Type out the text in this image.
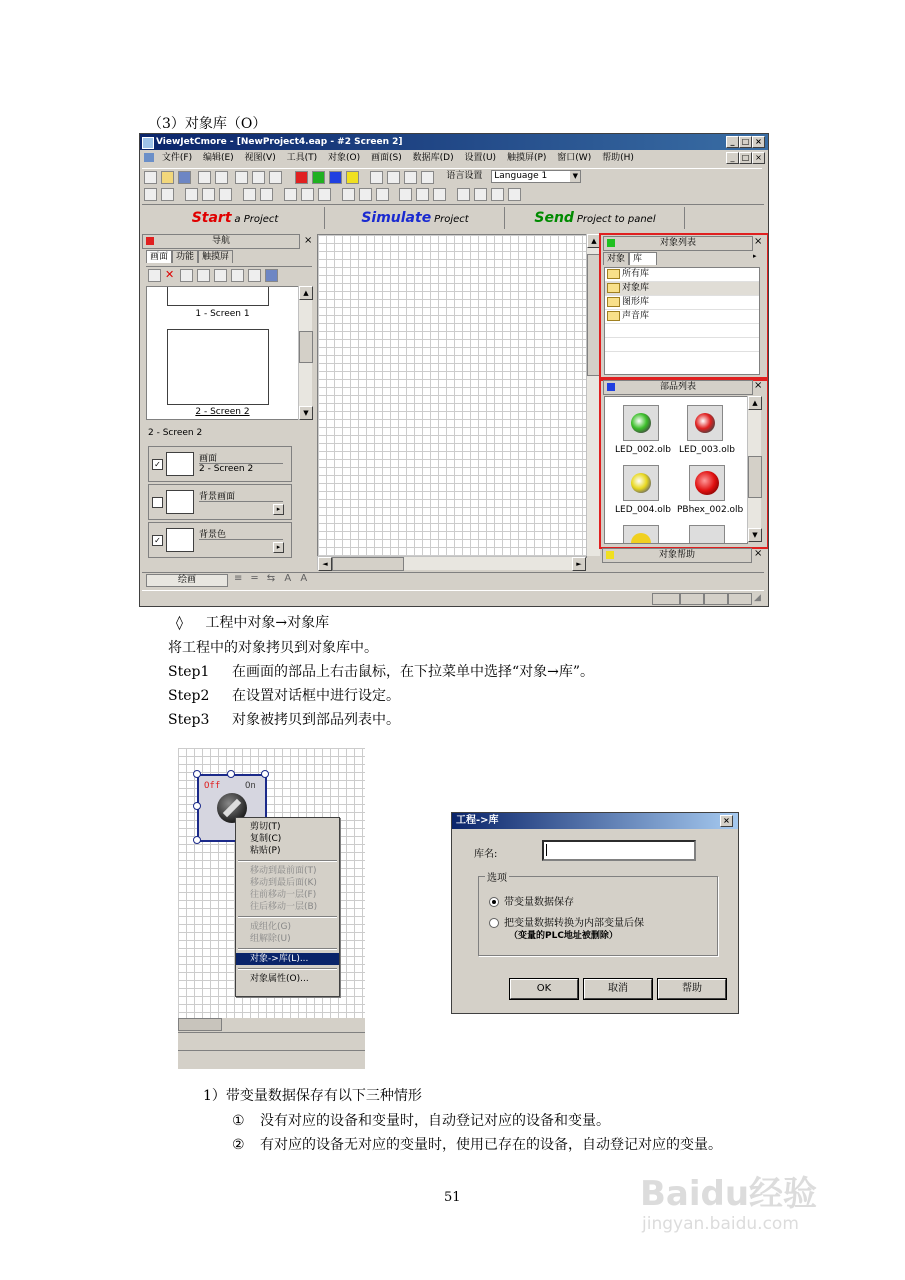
（3）对象库（O）
ViewJetCmore - [NewProject4.eap - #2 Screen 2]	_ □ ×
文件(F) 编辑(E) 视图(V) 工具(T) 对象(O) 画面(S) 数据库(D) 设置(U) 触摸屏(P) 窗口(W) 帮助(H)	_ □ ×
语言设置 Language 1	▼

Start a Project	Simulate Project	Send Project to panel
导航	×
画面 功能 触摸屏
✕
1 - Screen 1
2 - Screen 2
▲
▼
2 - Screen 2
✓
画面
2 - Screen 2
背景画面
▸
✓
背景色
▸
▲
◄	►
对象列表
对象 库	▸
所有库
对象库
图形库
声音库
×
部品列表
LED_002.olb LED_003.olb
LED_004.olb PBhex_002.olb
▲
▼
×
对象帮助	×
绘画	≡ ═ ⇆ A A
◢
◊ 工程中对象→对象库
将工程中的对象拷贝到对象库中。
Step1 在画面的部品上右击鼠标，在下拉菜单中选择“对象→库”。
Step2 在设置对话框中进行设定。
Step3 对象被拷贝到部品列表中。
Off	On
剪切(T)
复制(C)
粘贴(P)
移动到最前面(T)
移动到最后面(K)
往前移动一层(F)
往后移动一层(B)
成组化(G)
组解除(U)
对象->库(L)...
对象属性(O)...
工程->库	×
库名:
选项
带变量数据保存
把变量数据转换为内部变量后保
（变量的PLC地址被删除）
OK	取消	帮助
1）带变量数据保存有以下三种情形
① 没有对应的设备和变量时，自动登记对应的设备和变量。
② 有对应的设备无对应的变量时，使用已存在的设备，自动登记对应的变量。
51	Baidu经验
jingyan.baidu.com
